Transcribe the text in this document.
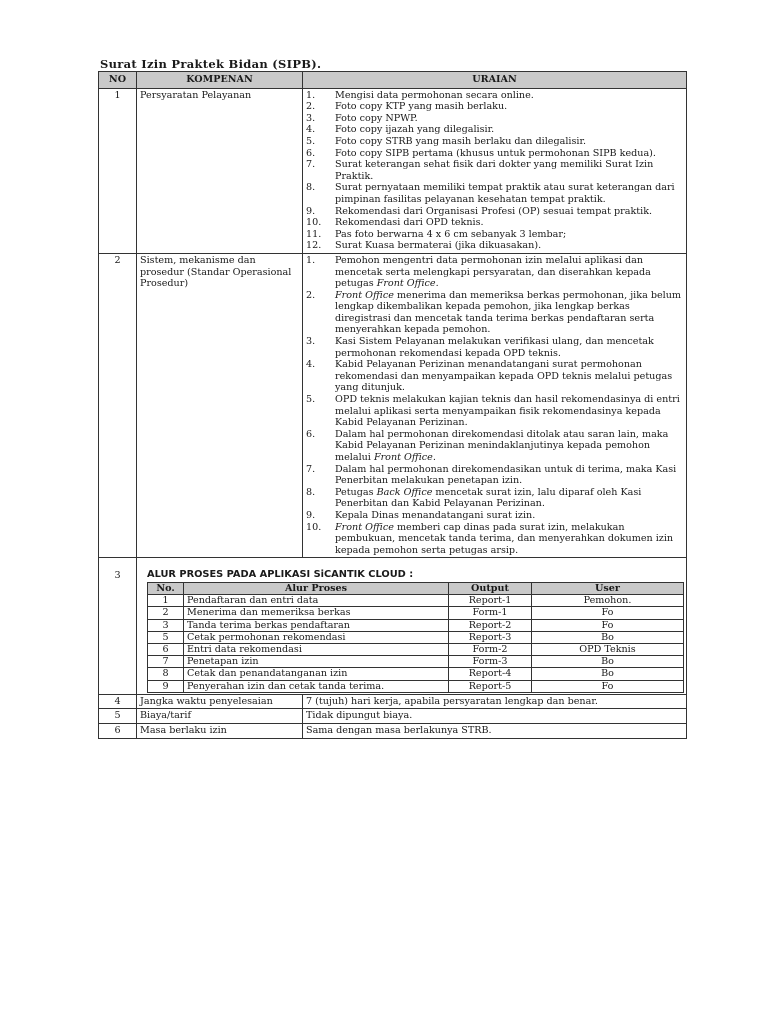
Surat Izin Praktek Bidan (SIPB).
NO	KOMPENAN	URAIAN
1	Persyaratan Pelayanan	1.	Mengisi data permohonan secara online.
2.	Foto copy KTP yang masih berlaku.
3.	Foto copy NPWP.
4.	Foto copy ijazah yang dilegalisir.
5.	Foto copy STRB yang masih berlaku dan dilegalisir.
6.	Foto copy SIPB pertama (khusus untuk permohonan SIPB kedua).
7.	Surat keterangan sehat fisik dari dokter yang memiliki Surat Izin Praktik.
8.	Surat pernyataan memiliki tempat praktik atau surat keterangan dari pimpinan fasilitas pelayanan kesehatan tempat praktik.
9.	Rekomendasi dari Organisasi Profesi (OP) sesuai tempat praktik.
10.	Rekomendasi dari OPD teknis.
11.	Pas foto berwarna 4 x 6 cm sebanyak 3 lembar;
12.	Surat Kuasa bermaterai (jika dikuasakan).

2	Sistem, mekanisme dan prosedur (Standar Operasional Prosedur)	
1.	Pemohon mengentri data permohonan izin melalui aplikasi dan mencetak serta melengkapi persyaratan, dan diserahkan kepada petugas Front Office.
2.	Front Office menerima dan memeriksa berkas permohonan, jika belum lengkap dikembalikan kepada pemohon, jika lengkap berkas diregistrasi dan mencetak tanda terima berkas pendaftaran serta menyerahkan kepada pemohon.
3.	Kasi Sistem Pelayanan melakukan verifikasi ulang, dan mencetak permohonan rekomendasi kepada OPD teknis.
4.	Kabid Pelayanan Perizinan menandatangani surat permohonan rekomendasi dan menyampaikan kepada OPD teknis melalui petugas yang ditunjuk.
5.	OPD teknis melakukan kajian teknis dan hasil rekomendasinya di entri melalui aplikasi serta menyampaikan fisik rekomendasinya kepada Kabid Pelayanan Perizinan.
6.	Dalam hal permohonan direkomendasi ditolak atau saran lain, maka Kabid Pelayanan Perizinan menindaklanjutinya kepada pemohon melalui Front Office.
7.	Dalam hal permohonan direkomendasikan untuk di terima, maka Kasi Penerbitan melakukan penetapan izin.
8.	Petugas Back Office mencetak surat izin, lalu diparaf oleh Kasi Penerbitan dan Kabid Pelayanan Perizinan.
9.	Kepala Dinas menandatangani surat izin.
10.	Front Office memberi cap dinas pada surat izin, melakukan pembukuan, mencetak tanda terima, dan menyerahkan dokumen izin kepada pemohon serta petugas arsip.

3	ALUR PROSES PADA APLIKASI SiCANTIK CLOUD :
No.	Alur Proses	Output	User
1	Pendaftaran dan entri data	Report-1	Pemohon.
2	Menerima dan memeriksa berkas	Form-1	Fo
3	Tanda terima berkas pendaftaran	Report-2	Fo
5	Cetak permohonan rekomendasi	Report-3	Bo
6	Entri data rekomendasi	Form-2	OPD Teknis
7	Penetapan izin	Form-3	Bo
8	Cetak dan penandatanganan izin	Report-4	Bo
9	Penyerahan izin dan cetak tanda terima.	Report-5	Fo

4	Jangka waktu penyelesaian	7 (tujuh) hari kerja, apabila persyaratan lengkap dan benar.
5	Biaya/tarif	Tidak dipungut biaya.
6	Masa berlaku izin	Sama dengan masa berlakunya STRB.
